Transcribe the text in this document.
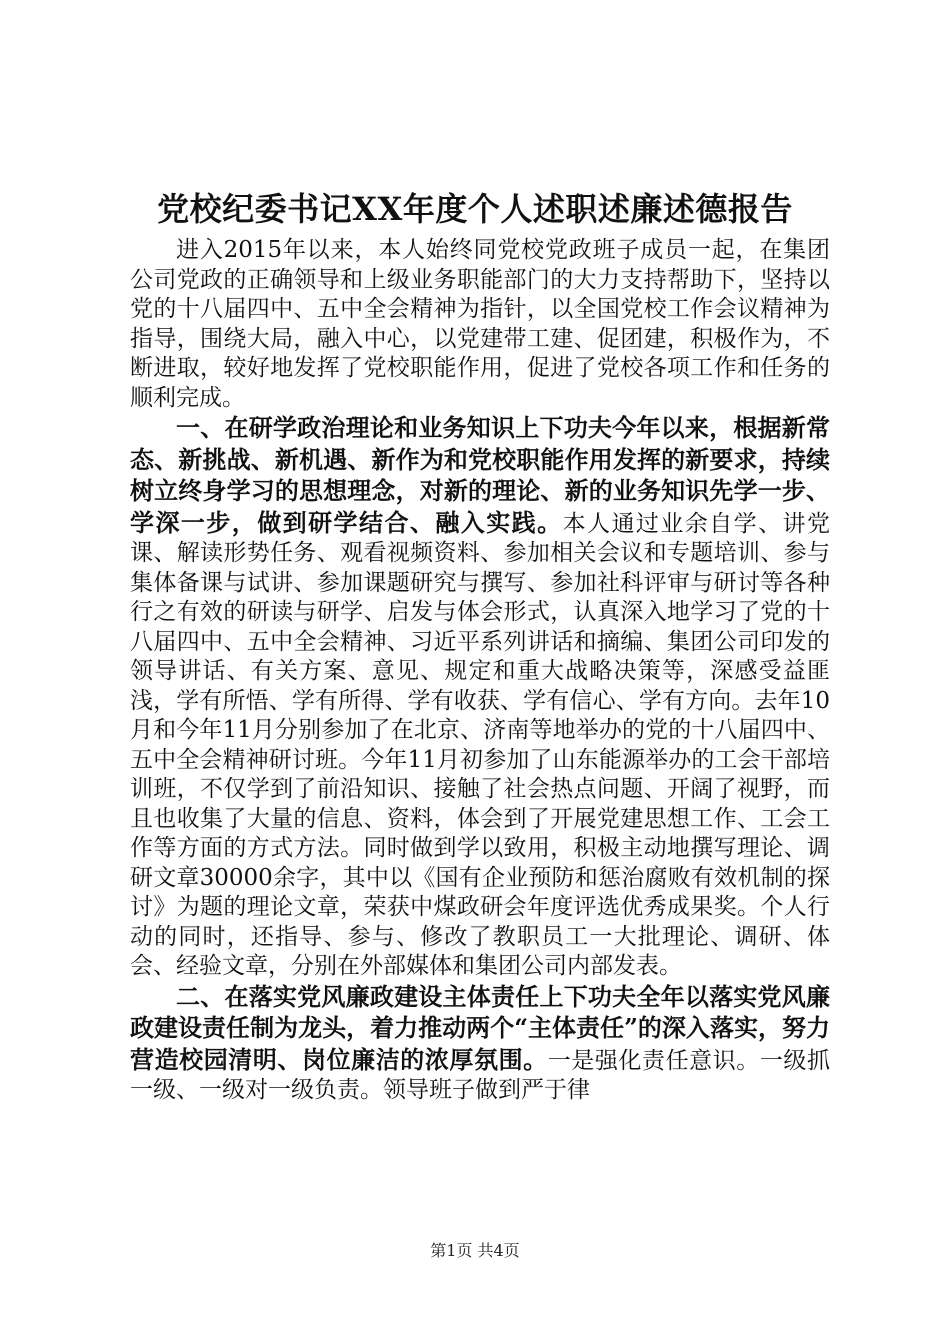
党校纪委书记XX年度个人述职述廉述德报告

进入2015年以来，本人始终同党校党政班子成员一起，在集团公司党政的正确领导和上级业务职能部门的大力支持帮助下，坚持以党的十八届四中、五中全会精神为指针，以全国党校工作会议精神为指导，围绕大局，融入中心，以党建带工建、促团建，积极作为，不断进取，较好地发挥了党校职能作用，促进了党校各项工作和任务的顺利完成。

一、在研学政治理论和业务知识上下功夫今年以来，根据新常态、新挑战、新机遇、新作为和党校职能作用发挥的新要求，持续树立终身学习的思想理念，对新的理论、新的业务知识先学一步、学深一步，做到研学结合、融入实践。本人通过业余自学、讲党课、解读形势任务、观看视频资料、参加相关会议和专题培训、参与集体备课与试讲、参加课题研究与撰写、参加社科评审与研讨等各种行之有效的研读与研学、启发与体会形式，认真深入地学习了党的十八届四中、五中全会精神、习近平系列讲话和摘编、集团公司印发的领导讲话、有关方案、意见、规定和重大战略决策等，深感受益匪浅，学有所悟、学有所得、学有收获、学有信心、学有方向。去年10月和今年11月分别参加了在北京、济南等地举办的党的十八届四中、五中全会精神研讨班。今年11月初参加了山东能源举办的工会干部培训班，不仅学到了前沿知识、接触了社会热点问题、开阔了视野，而且也收集了大量的信息、资料，体会到了开展党建思想工作、工会工作等方面的方式方法。同时做到学以致用，积极主动地撰写理论、调研文章30000余字，其中以《国有企业预防和惩治腐败有效机制的探讨》为题的理论文章，荣获中煤政研会年度评选优秀成果奖。个人行动的同时，还指导、参与、修改了教职员工一大批理论、调研、体会、经验文章，分别在外部媒体和集团公司内部发表。

二、在落实党风廉政建设主体责任上下功夫全年以落实党风廉政建设责任制为龙头，着力推动两个“主体责任”的深入落实，努力营造校园清明、岗位廉洁的浓厚氛围。一是强化责任意识。一级抓一级、一级对一级负责。领导班子做到严于律

第1页 共4页
